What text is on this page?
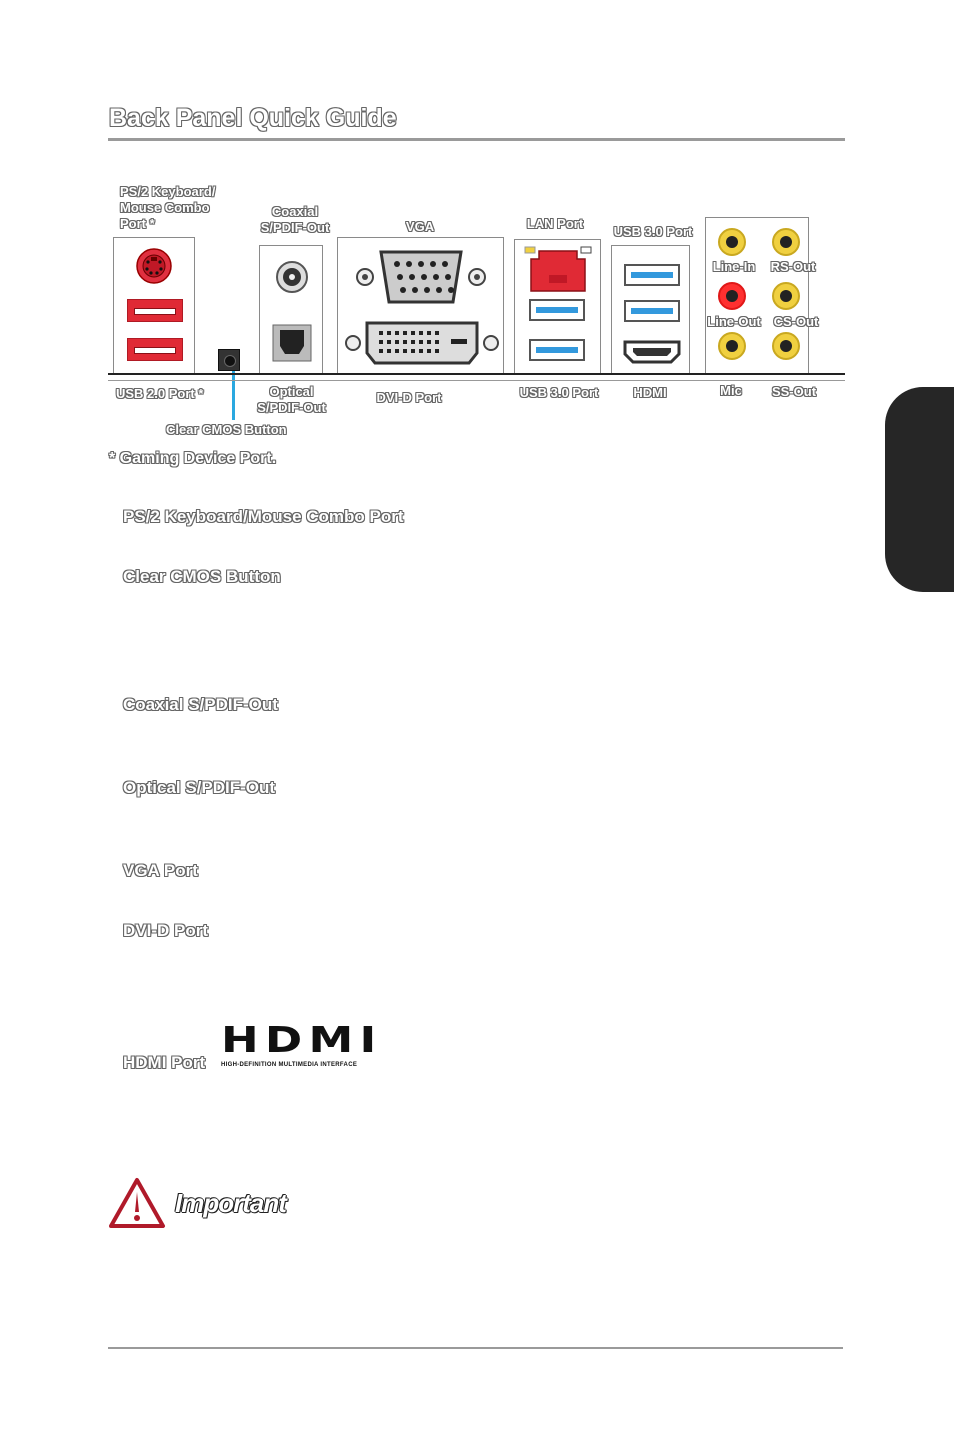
Back Panel Quick Guide
PS/2 Keyboard/
Mouse Combo
Port *
Coaxial
S/PDIF-Out	VGA	LAN Port
USB 3.0 Port
Line-In	RS-Out
Line-Out CS-Out
USB 2.0 Port *	Optical
S/PDIF-Out
DVI-D Port	USB 3.0 Port	HDMI	Mic	SS-Out
Clear CMOS Button
* Gaming Device Port.
PS/2 Keyboard/Mouse Combo Port
Clear CMOS Button
Coaxial S/PDIF-Out
Optical S/PDIF-Out
VGA Port
DVI-D Port
HDMI Port
HDMI
HIGH-DEFINITION MULTIMEDIA INTERFACE
Important
